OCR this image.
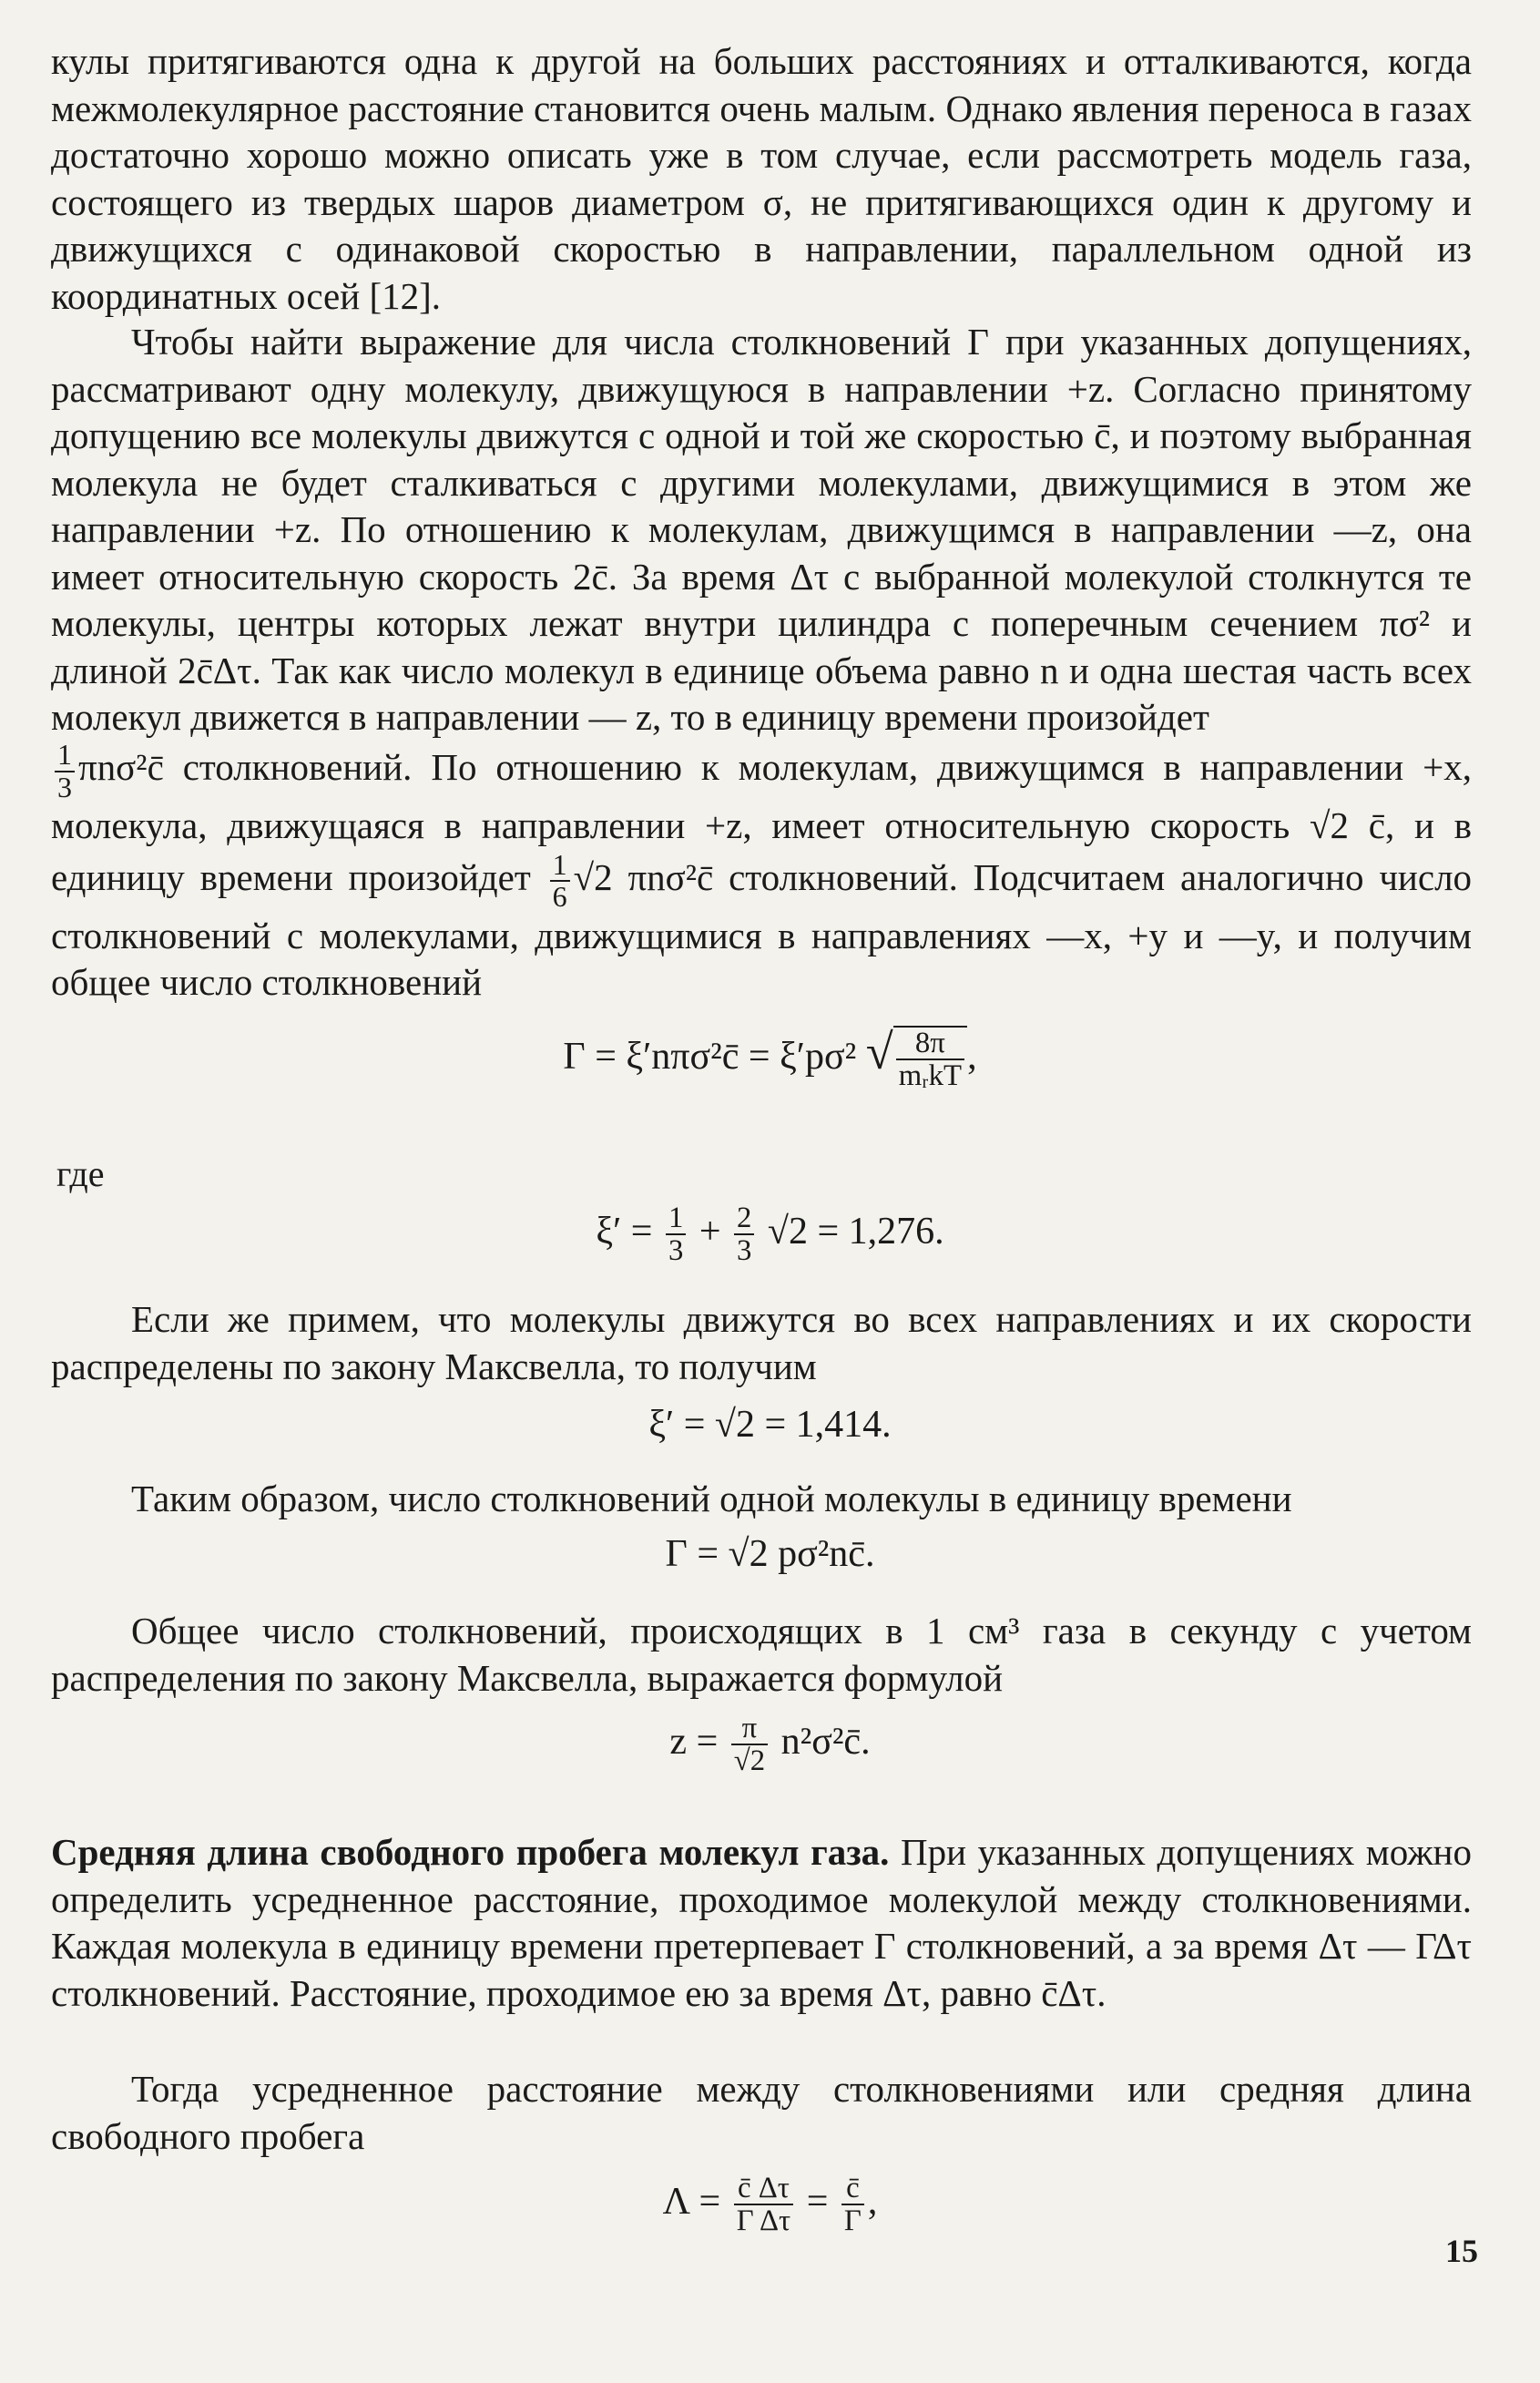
кулы притягиваются одна к другой на больших расстояниях и отталкиваются, когда межмолекулярное расстояние становится очень малым. Однако явления переноса в газах достаточно хорошо можно описать уже в том случае, если рассмотреть модель газа, состоящего из твердых шаров диаметром σ, не притягивающихся один к другому и движущихся с одинаковой скоростью в направлении, параллельном одной из координатных осей [12].

Чтобы найти выражение для числа столкновений Γ при указанных допущениях, рассматривают одну молекулу, движущуюся в направлении +z. Согласно принятому допущению все молекулы движутся с одной и той же скоростью c̄, и поэтому выбранная молекула не будет сталкиваться с другими молекулами, движущимися в этом же направлении +z. По отношению к молекулам, движущимся в направлении —z, она имеет относительную скорость 2c̄. За время Δτ с выбранной молекулой столкнутся те молекулы, центры которых лежат внутри цилиндра с поперечным сечением πσ² и длиной 2c̄Δτ. Так как число молекул в единице объема равно n и одна шестая часть всех молекул движется в направлении — z, то в единицу времени произойдет

$\frac{1}{3}$ πnσ²c̄ столкновений. По отношению к молекулам, движущимся в направлении +x, молекула, движущаяся в направлении +z, имеет относительную скорость √2 c̄, и в единицу времени произойдет $\frac{1}{6} √2$ πnσ²c̄ столкновений. Подсчитаем аналогично число столкновений с молекулами, движущимися в направлениях —x, +y и —y, и получим общее число столкновений

Γ = ξ′nπσ²c̄ = ξ′pσ² √ $\frac{8\pi}{\text{mᵣkT}}$ ,
где
$\xi' = \frac{1}{3} + \frac{2}{3} √2 = 1,276$.

Если же примем, что молекулы движутся во всех направлениях и их скорости распределены по закону Максвелла, то получим

ξ′ = √2 = 1,414.

Таким образом, число столкновений одной молекулы в единицу времени

Γ = √2 pσ²nc̄.

Общее число столкновений, происходящих в 1 см³ газа в секунду с учетом распределения по закону Максвелла, выражается формулой

$z = \frac{\pi}{√2}$ n²σ²c̄.

Средняя длина свободного пробега молекул газа. При указанных допущениях можно определить усредненное расстояние, проходимое молекулой между столкновениями. Каждая молекула в единицу времени претерпевает Γ столкновений, а за время Δτ — ΓΔτ столкновений. Расстояние, проходимое ею за время Δτ, равно c̄Δτ.

Тогда усредненное расстояние между столкновениями или средняя длина свободного пробега

$\Lambda = \frac{c̄ \Delta\tau}{\text{Γ Δτ}} = \frac{c̄}{\Gamma}$ ,
15
